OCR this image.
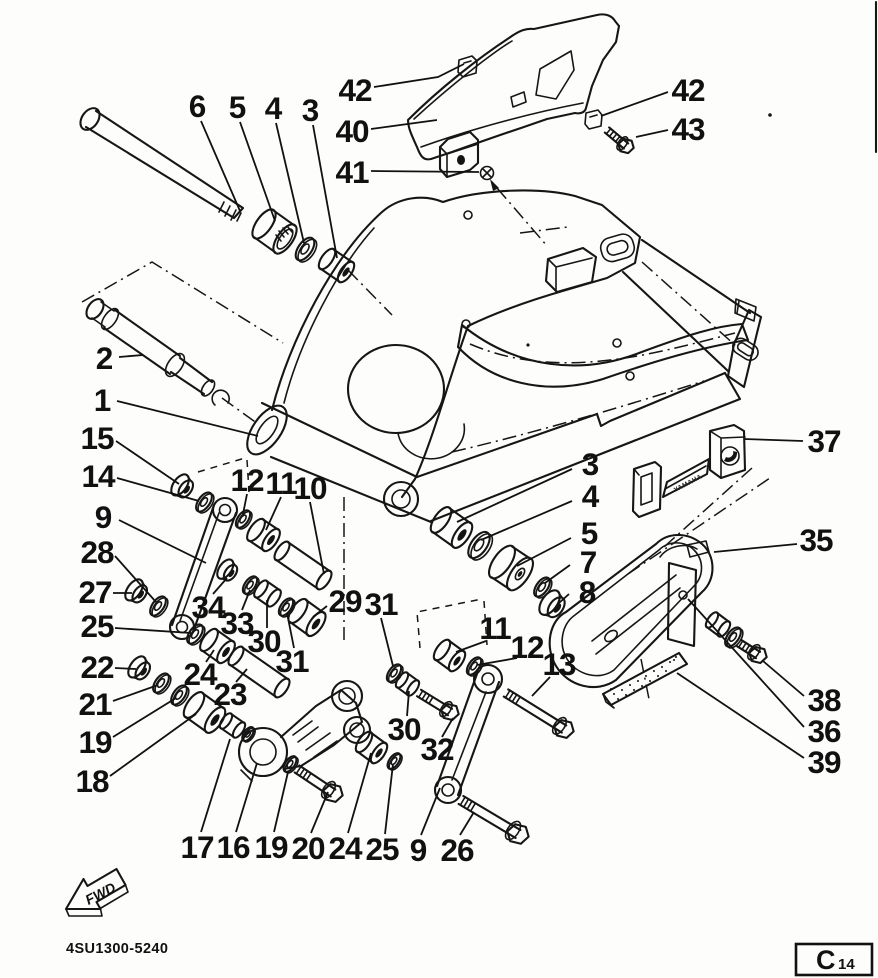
YAMAHA
42
40
41
42
43
6 5 4 3
2
1
15
14
9
28
27
25
22
21
19
18
12 11
10
34
33
30
31
29
24
23
31
11
12
13
30
32
3
4
5
7
8
37
35
38
36
39
17 16 19 20 24 25 9 26
FWD
4SU1300-5240	C 14
